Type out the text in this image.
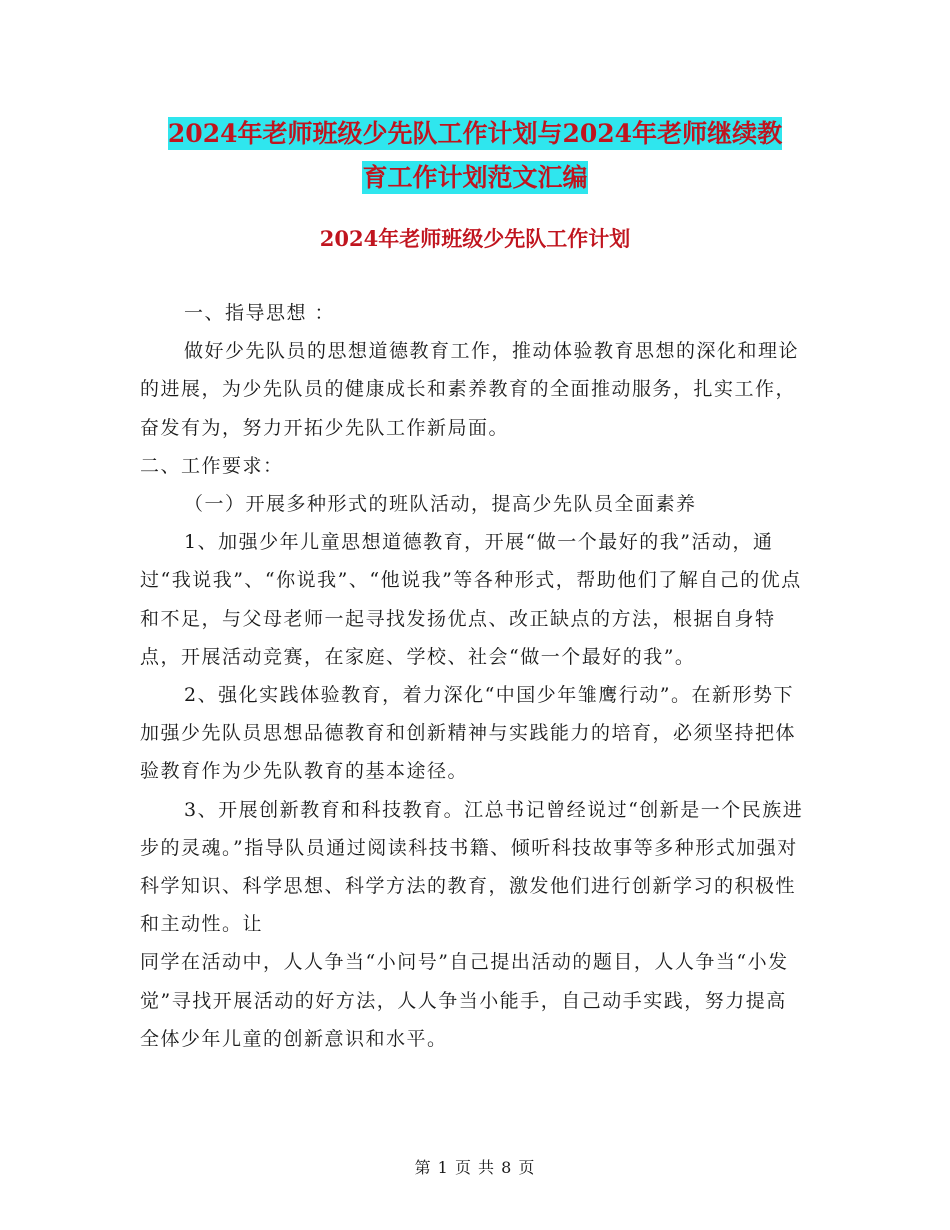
2024年老师班级少先队工作计划与2024年老师继续教
育工作计划范文汇编
2024年老师班级少先队工作计划

一、指导思想 ：

做好少先队员的思想道德教育工作，推动体验教育思想的深化和理论的进展，为少先队员的健康成长和素养教育的全面推动服务，扎实工作，奋发有为，努力开拓少先队工作新局面。

二、工作要求：

（一）开展多种形式的班队活动，提高少先队员全面素养

1、加强少年儿童思想道德教育，开展“做一个最好的我”活动，通过“我说我”、“你说我”、“他说我”等各种形式，帮助他们了解自己的优点和不足，与父母老师一起寻找发扬优点、改正缺点的方法，根据自身特点，开展活动竞赛，在家庭、学校、社会“做一个最好的我”。

2、强化实践体验教育，着力深化“中国少年雏鹰行动”。在新形势下加强少先队员思想品德教育和创新精神与实践能力的培育，必须坚持把体验教育作为少先队教育的基本途径。

3、开展创新教育和科技教育。江总书记曾经说过“创新是一个民族进步的灵魂。”指导队员通过阅读科技书籍、倾听科技故事等多种形式加强对科学知识、科学思想、科学方法的教育，激发他们进行创新学习的积极性和主动性。让

同学在活动中，人人争当“小问号”自己提出活动的题目，人人争当“小发觉”寻找开展活动的好方法，人人争当小能手，自己动手实践，努力提高全体少年儿童的创新意识和水平。

第 1 页 共 8 页
